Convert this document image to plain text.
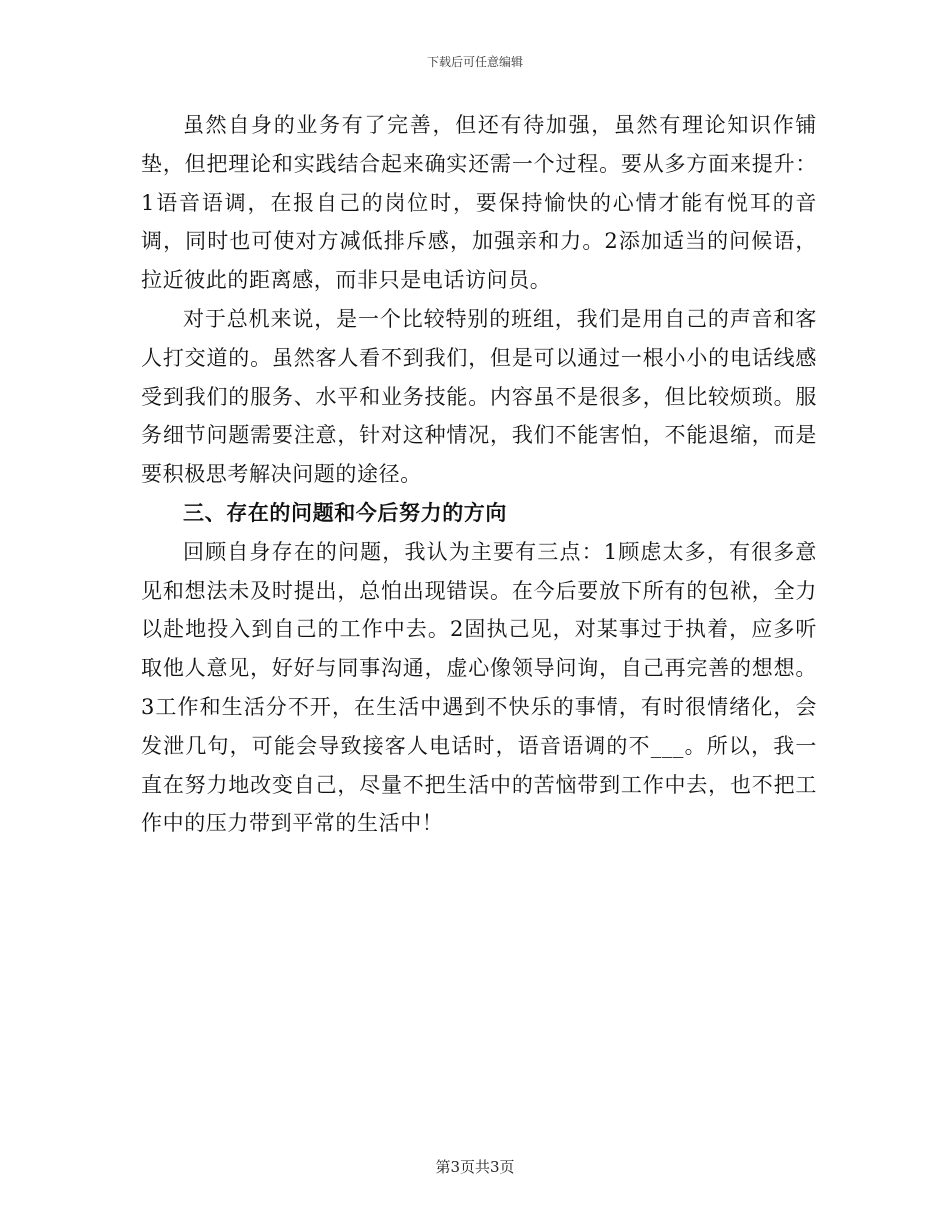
下载后可任意编辑

虽然自身的业务有了完善，但还有待加强，虽然有理论知识作铺垫，但把理论和实践结合起来确实还需一个过程。要从多方面来提升：1语音语调，在报自己的岗位时，要保持愉快的心情才能有悦耳的音调，同时也可使对方减低排斥感，加强亲和力。2添加适当的问候语，拉近彼此的距离感，而非只是电话访问员。

对于总机来说，是一个比较特别的班组，我们是用自己的声音和客人打交道的。虽然客人看不到我们，但是可以通过一根小小的电话线感受到我们的服务、水平和业务技能。内容虽不是很多，但比较烦琐。服务细节问题需要注意，针对这种情况，我们不能害怕，不能退缩，而是要积极思考解决问题的途径。

三、存在的问题和今后努力的方向

回顾自身存在的问题，我认为主要有三点：1顾虑太多，有很多意见和想法未及时提出，总怕出现错误。在今后要放下所有的包袱，全力以赴地投入到自己的工作中去。2固执己见，对某事过于执着，应多听取他人意见，好好与同事沟通，虚心像领导问询，自己再完善的想想。3工作和生活分不开，在生活中遇到不快乐的事情，有时很情绪化，会发泄几句，可能会导致接客人电话时，语音语调的不___。所以，我一直在努力地改变自己，尽量不把生活中的苦恼带到工作中去，也不把工作中的压力带到平常的生活中！

第3页共3页
